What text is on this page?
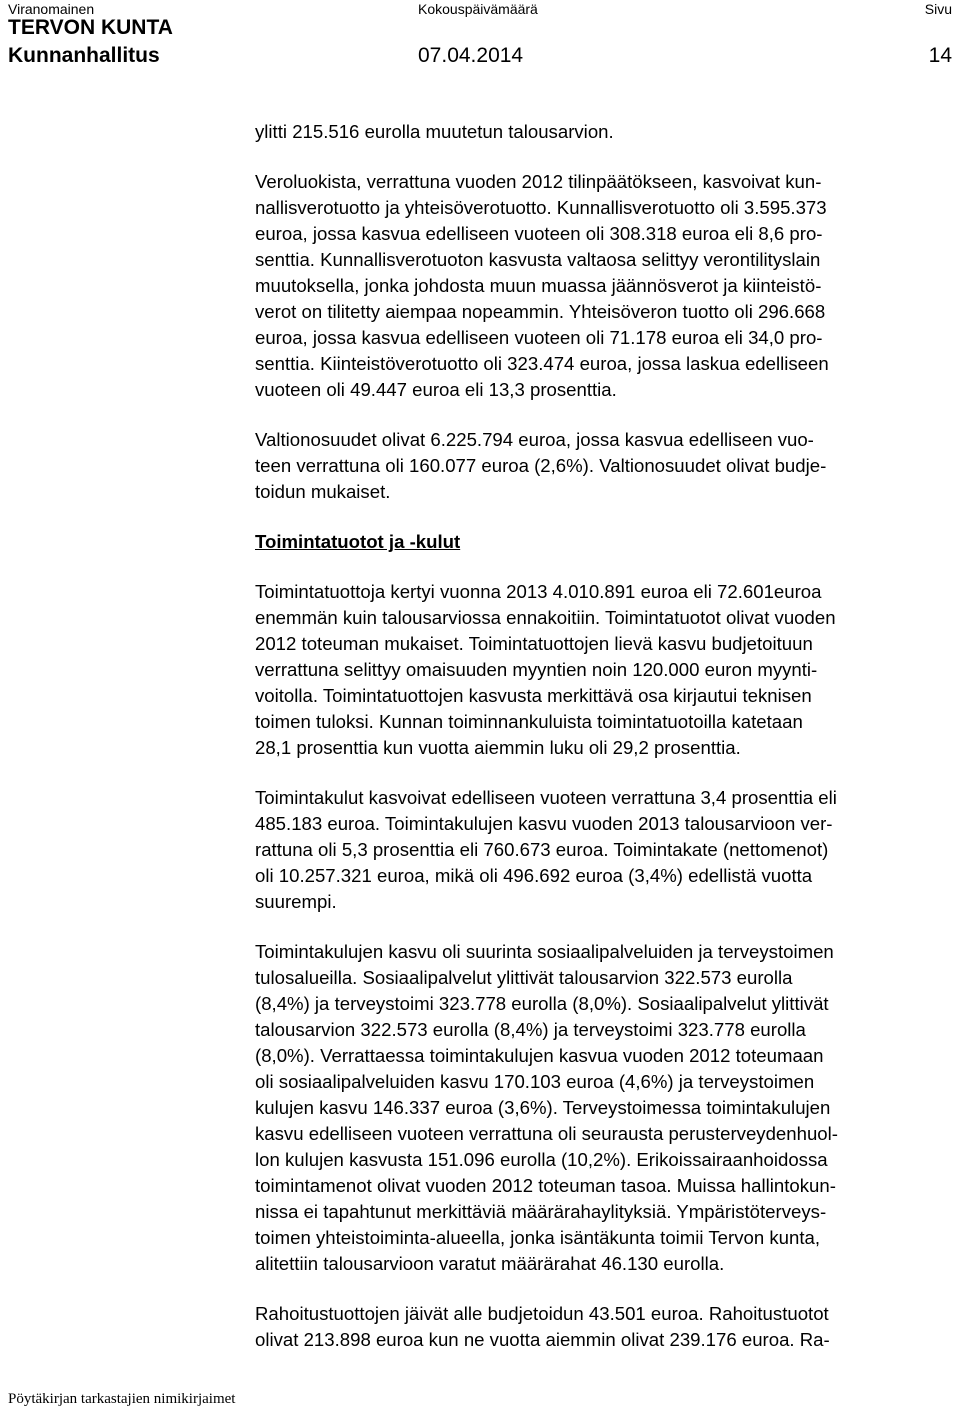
Viranomainen	Kokouspäivämäärä	Sivu
TERVON KUNTA
Kunnanhallitus	07.04.2014	14

ylitti 215.516 eurolla muutetun talousarvion.

Veroluokista, verrattuna vuoden 2012 tilinpäätökseen, kasvoivat kun-

nallisverotuotto ja yhteisöverotuotto. Kunnallisverotuotto oli 3.595.373

euroa, jossa kasvua edelliseen vuoteen oli 308.318 euroa eli 8,6 pro-

senttia. Kunnallisverotuoton kasvusta valtaosa selittyy verontilityslain

muutoksella, jonka johdosta muun muassa jäännösverot ja kiinteistö-

verot on tilitetty aiempaa nopeammin. Yhteisöveron tuotto oli 296.668

euroa, jossa kasvua edelliseen vuoteen oli 71.178 euroa eli 34,0 pro-

senttia. Kiinteistöverotuotto oli 323.474 euroa, jossa laskua edelliseen

vuoteen oli 49.447 euroa eli 13,3 prosenttia.

Valtionosuudet olivat 6.225.794 euroa, jossa kasvua edelliseen vuo-

teen verrattuna oli 160.077 euroa (2,6%). Valtionosuudet olivat budje-

toidun mukaiset.

Toimintatuotot ja -kulut

Toimintatuottoja kertyi vuonna 2013 4.010.891 euroa eli 72.601euroa

enemmän kuin talousarviossa ennakoitiin. Toimintatuotot olivat vuoden

2012 toteuman mukaiset. Toimintatuottojen lievä kasvu budjetoituun

verrattuna selittyy omaisuuden myyntien noin 120.000 euron myynti-

voitolla. Toimintatuottojen kasvusta merkittävä osa kirjautui teknisen

toimen tuloksi. Kunnan toiminnankuluista toimintatuotoilla katetaan

28,1 prosenttia kun vuotta aiemmin luku oli 29,2 prosenttia.

Toimintakulut kasvoivat edelliseen vuoteen verrattuna 3,4 prosenttia eli

485.183 euroa. Toimintakulujen kasvu vuoden 2013 talousarvioon ver-

rattuna oli 5,3 prosenttia eli 760.673 euroa. Toimintakate (nettomenot)

oli 10.257.321 euroa, mikä oli 496.692 euroa (3,4%) edellistä vuotta

suurempi.

Toimintakulujen kasvu oli suurinta sosiaalipalveluiden ja terveystoimen

tulosalueilla. Sosiaalipalvelut ylittivät talousarvion 322.573 eurolla

(8,4%) ja terveystoimi 323.778 eurolla (8,0%). Sosiaalipalvelut ylittivät

talousarvion 322.573 eurolla (8,4%) ja terveystoimi 323.778 eurolla

(8,0%). Verrattaessa toimintakulujen kasvua vuoden 2012 toteumaan

oli sosiaalipalveluiden kasvu 170.103 euroa (4,6%) ja terveystoimen

kulujen kasvu 146.337 euroa (3,6%). Terveystoimessa toimintakulujen

kasvu edelliseen vuoteen verrattuna oli seurausta perusterveydenhuol-

lon kulujen kasvusta 151.096 eurolla (10,2%). Erikoissairaanhoidossa

toimintamenot olivat vuoden 2012 toteuman tasoa. Muissa hallintokun-

nissa ei tapahtunut merkittäviä määrärahaylityksiä. Ympäristöterveys-

toimen yhteistoiminta-alueella, jonka isäntäkunta toimii Tervon kunta,

alitettiin talousarvioon varatut määrärahat 46.130 eurolla.

Rahoitustuottojen jäivät alle budjetoidun 43.501 euroa. Rahoitustuotot

olivat 213.898 euroa kun ne vuotta aiemmin olivat 239.176 euroa. Ra-

Pöytäkirjan tarkastajien nimikirjaimet
